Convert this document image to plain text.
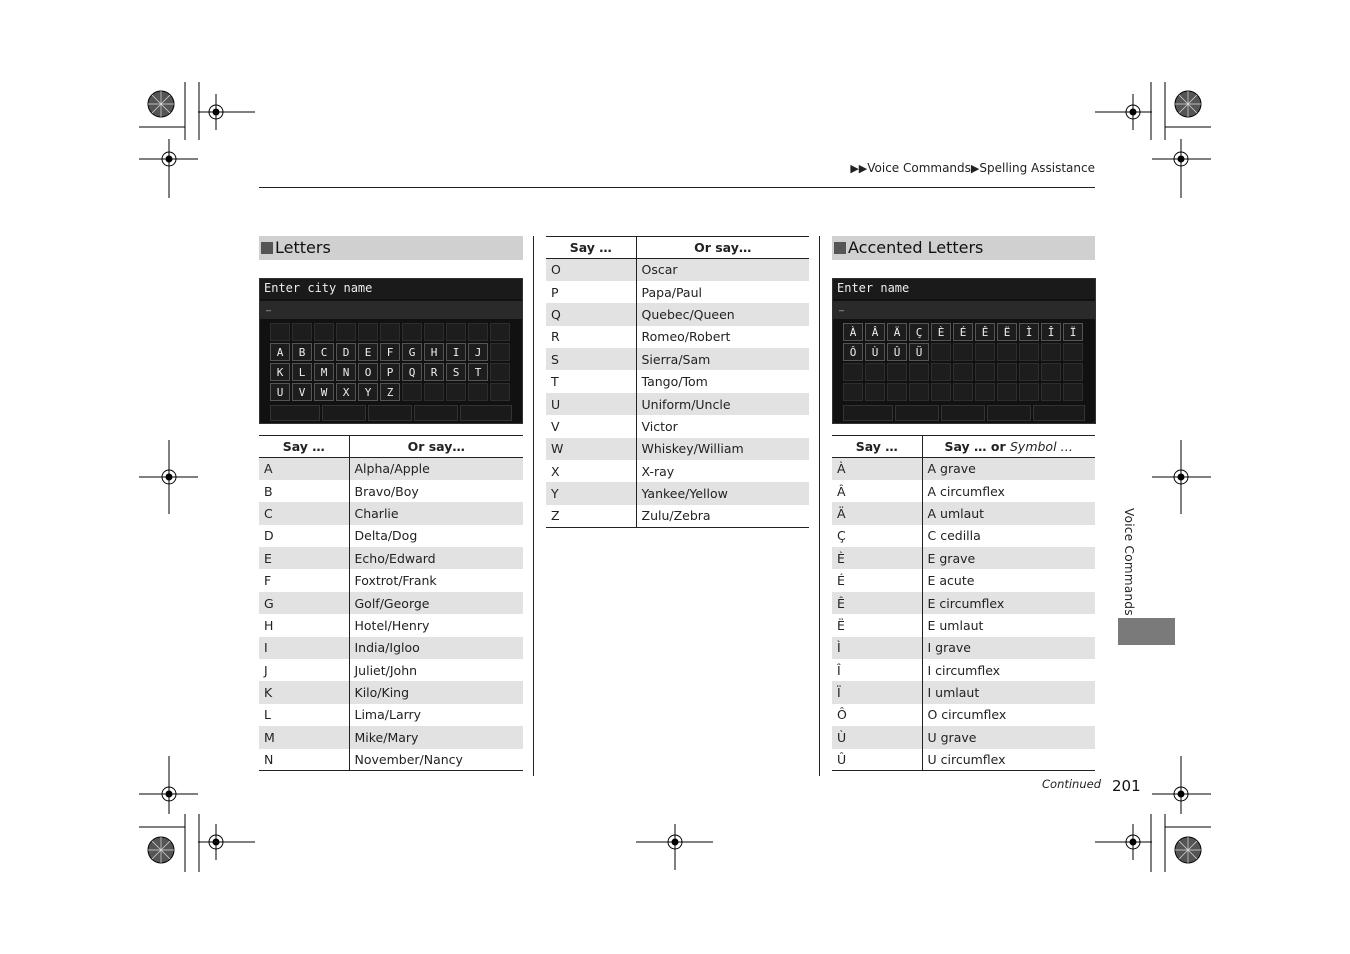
▶▶Voice Commands▶Spelling Assistance
Letters
Enter city name
_
A	B	C	D	E	F	G	H	I	J
K	L	M	N	O	P	Q	R	S	T
U	V	W	X	Y	Z
Say …	Or say…
A	Alpha/Apple
B	Bravo/Boy
C	Charlie
D	Delta/Dog
E	Echo/Edward
F	Foxtrot/Frank
G	Golf/George
H	Hotel/Henry
I	India/Igloo
J	Juliet/John
K	Kilo/King
L	Lima/Larry
M	Mike/Mary
N	November/Nancy
Say …	Or say…
O	Oscar
P	Papa/Paul
Q	Quebec/Queen
R	Romeo/Robert
S	Sierra/Sam
T	Tango/Tom
U	Uniform/Uncle
V	Victor
W	Whiskey/William
X	X-ray
Y	Yankee/Yellow
Z	Zulu/Zebra
Accented Letters
Enter name
_
À	Â	Ä	Ç	È	É	Ê	Ë	Ì	Î	Ï
Ô	Ù	Û	Ü
Say …	Say … or Symbol …
À	A grave
Â	A circumflex
Ä	A umlaut
Ç	C cedilla
È	E grave
É	E acute
Ê	E circumflex
Ë	E umlaut
Ì	I grave
Î	I circumflex
Ï	I umlaut
Ô	O circumflex
Ù	U grave
Û	U circumflex
Voice Commands
Continued 201
